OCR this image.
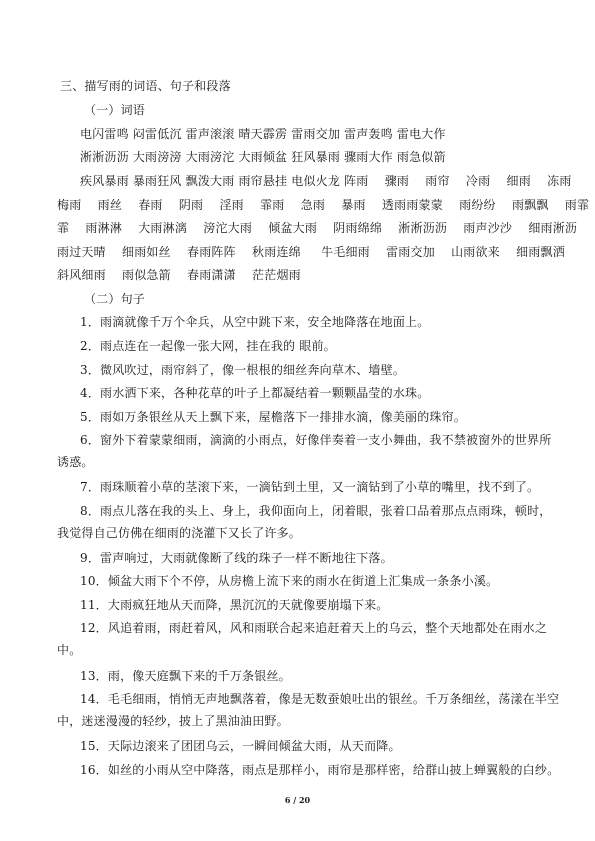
三、描写雨的词语、句子和段落

（一）词语

电闪雷鸣 闷雷低沉 雷声滚滚 晴天霹雳 雷雨交加 雷声轰鸣 雷电大作

淅淅沥沥 大雨滂滂 大雨滂沱 大雨倾盆 狂风暴雨 骤雨大作 雨急似箭

疾风暴雨 暴雨狂风 飘泼大雨 雨帘悬挂 电似火龙 阵雨 　骤雨 　雨帘 　冷雨 　细雨 　冻雨

梅雨 　雨丝 　春雨 　阴雨 　淫雨 　霏雨 　急雨 　暴雨 　透雨雨蒙蒙 　雨纷纷 　雨飘飘 　雨霏

霏 　雨淋淋 　大雨淋漓 　滂沱大雨 　倾盆大雨 　阴雨绵绵 　淅淅沥沥 　雨声沙沙 　细雨淅沥

雨过天晴 　细雨如丝 　春雨阵阵 　秋雨连绵 　 牛毛细雨 　雷雨交加 　山雨欲来 　细雨飘洒

斜风细雨 　雨似急箭 　春雨潇潇 　茫茫烟雨

（二）句子

1．雨滴就像千万个伞兵，从空中跳下来，安全地降落在地面上。

2．雨点连在一起像一张大网，挂在我的 眼前。

3．微风吹过，雨帘斜了，像一根根的细丝奔向草木、墙壁。

4．雨水洒下来，各种花草的叶子上都凝结着一颗颗晶莹的水珠。

5．雨如万条银丝从天上飘下来，屋檐落下一排排水滴，像美丽的珠帘。

6．窗外下着蒙蒙细雨，滴滴的小雨点，好像伴奏着一支小舞曲，我不禁被窗外的世界所诱惑。

7．雨珠顺着小草的茎滚下来，一滴钻到土里，又一滴钻到了小草的嘴里，找不到了。

8．雨点儿落在我的头上、身上，我仰面向上，闭着眼，张着口品着那点点雨珠，顿时，我觉得自己仿佛在细雨的浇灌下又长了许多。

9．雷声响过，大雨就像断了线的珠子一样不断地往下落。

10．倾盆大雨下个不停，从房檐上流下来的雨水在街道上汇集成一条条小溪。

11．大雨疯狂地从天而降，黑沉沉的天就像要崩塌下来。

12．风追着雨，雨赶着风，风和雨联合起来追赶着天上的乌云，整个天地都处在雨水之中。

13．雨，像天庭飘下来的千万条银丝。

14．毛毛细雨，悄悄无声地飘落着，像是无数蚕娘吐出的银丝。千万条细丝，荡漾在半空中，迷迷漫漫的轻纱，披上了黑油油田野。

15．天际边滚来了团团乌云，一瞬间倾盆大雨，从天而降。

16．如丝的小雨从空中降落，雨点是那样小，雨帘是那样密，给群山披上蝉翼般的白纱。

6 / 20
